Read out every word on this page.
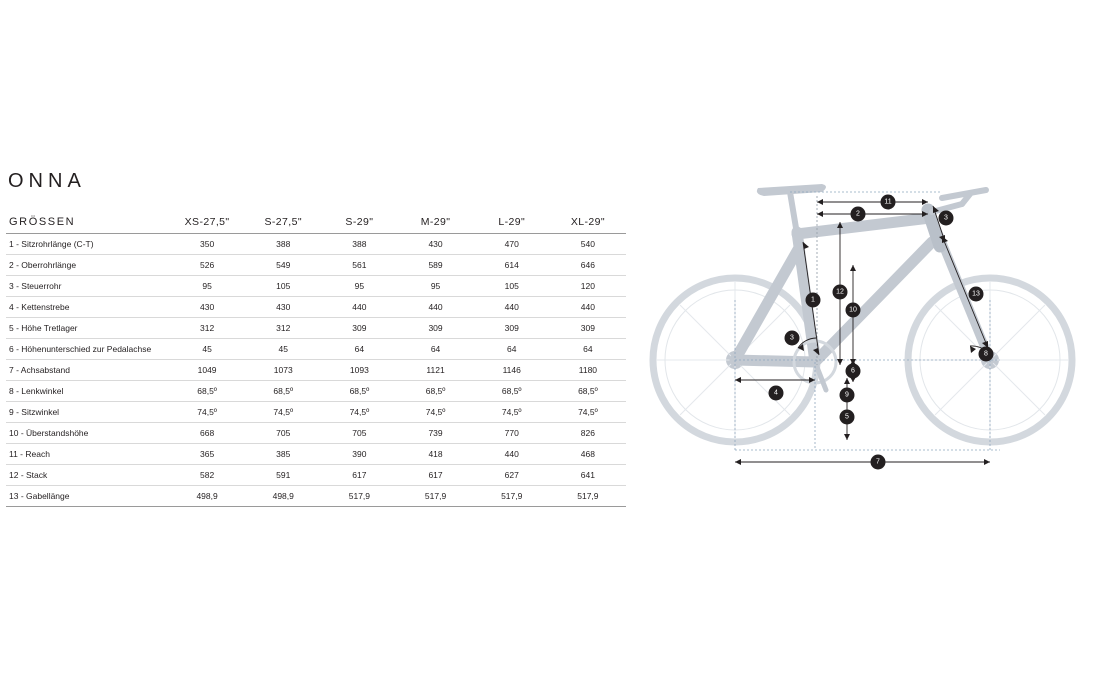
ONNA
GRÖSSEN	XS-27,5"	S-27,5"	S-29"	M-29"	L-29"	XL-29"
1 - Sitzrohrlänge (C-T)	350	388	388	430	470	540
2 - Oberrohrlänge	526	549	561	589	614	646
3 - Steuerrohr	95	105	95	95	105	120
4 - Kettenstrebe	430	430	440	440	440	440
5 - Höhe Tretlager	312	312	309	309	309	309
6 - Höhenunterschied zur Pedalachse	45	45	64	64	64	64
7 - Achsabstand	1049	1073	1093	1121	1146	1180
8 - Lenkwinkel	68,5º	68,5º	68,5º	68,5º	68,5º	68,5º
9 - Sitzwinkel	74,5º	74,5º	74,5º	74,5º	74,5º	74,5º
10 - Überstandshöhe	668	705	705	739	770	826
11 - Reach	365	385	390	418	440	468
12 - Stack	582	591	617	617	627	641
13 - Gabellänge	498,9	498,9	517,9	517,9	517,9	517,9
1
2
3
3
4
5
6
7
8
9
10
11
12	13
